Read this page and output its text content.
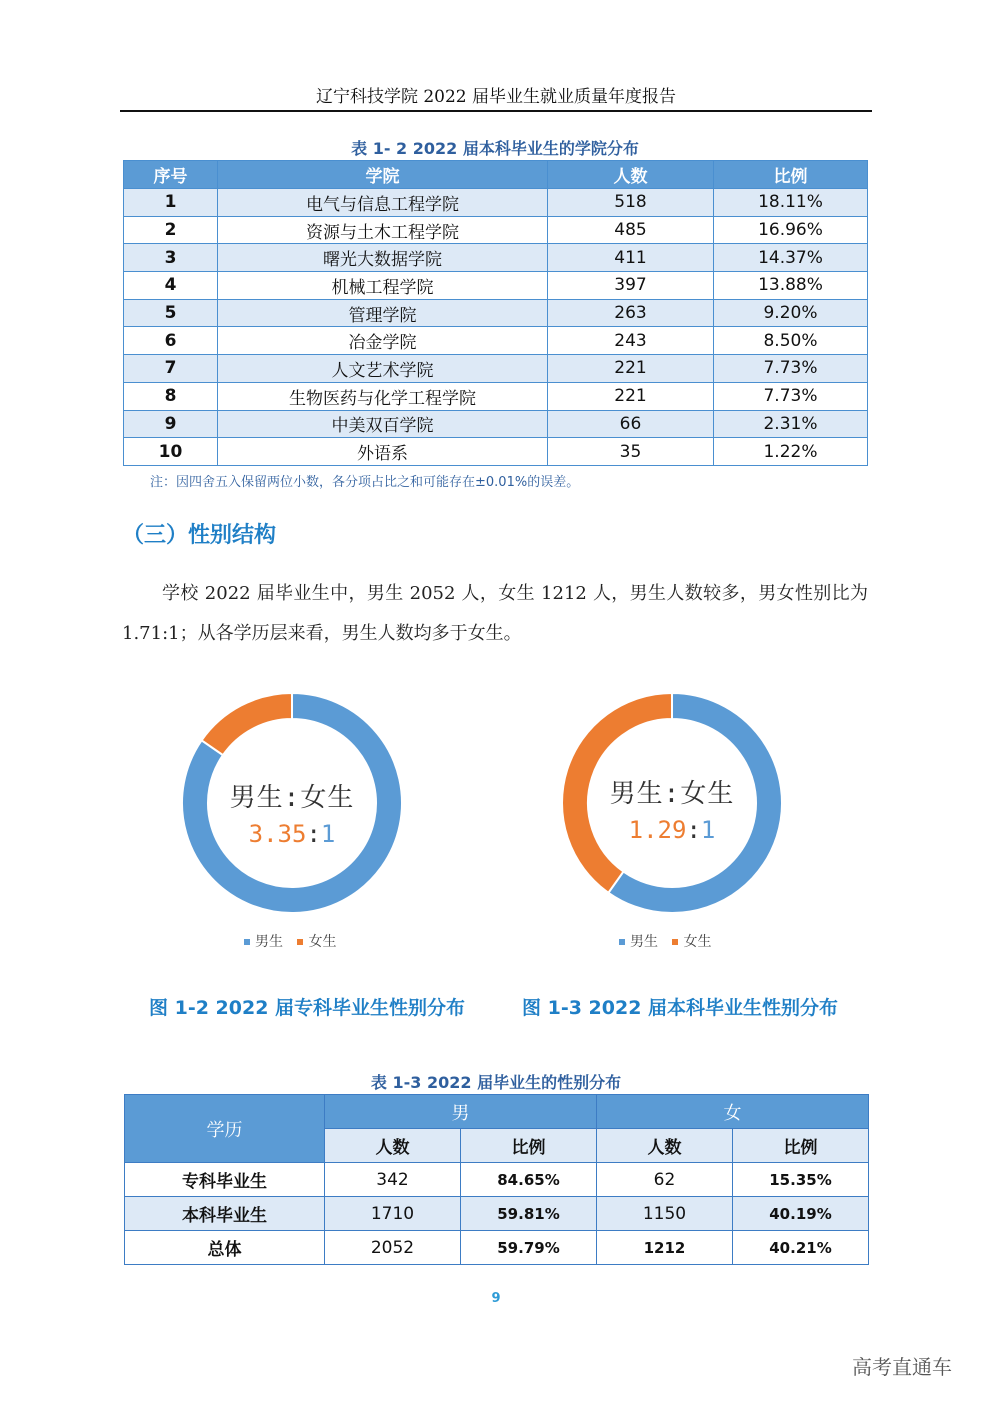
辽宁科技学院 2022 届毕业生就业质量年度报告
表 1- 2 2022 届本科毕业生的学院分布
序号	学院	人数	比例
1	电气与信息工程学院	518	18.11%
2	资源与土木工程学院	485	16.96%
3	曙光大数据学院	411	14.37%
4	机械工程学院	397	13.88%
5	管理学院	263	9.20%
6	冶金学院	243	8.50%
7	人文艺术学院	221	7.73%
8	生物医药与化学工程学院	221	7.73%
9	中美双百学院	66	2.31%
10	外语系	35	1.22%
注：因四舍五入保留两位小数，各分项占比之和可能存在±0.01%的误差。
（三）性别结构
学校 2022 届毕业生中，男生 2052 人，女生 1212 人，男生人数较多，男女性别比为 1.71:1；从各学历层来看，男生人数均多于女生。
男生:女生
3.35:1
男生 女生
男生:女生
1.29:1
男生 女生
图 1-2 2022 届专科毕业生性别分布	图 1-3 2022 届本科毕业生性别分布
表 1-3 2022 届毕业生的性别分布
学历	男		女	
	人数	比例	人数	比例
专科毕业生	342	84.65%	62	15.35%
本科毕业生	1710	59.81%	1150	40.19%
总体	2052	59.79%	1212	40.21%
9
高考直通车
